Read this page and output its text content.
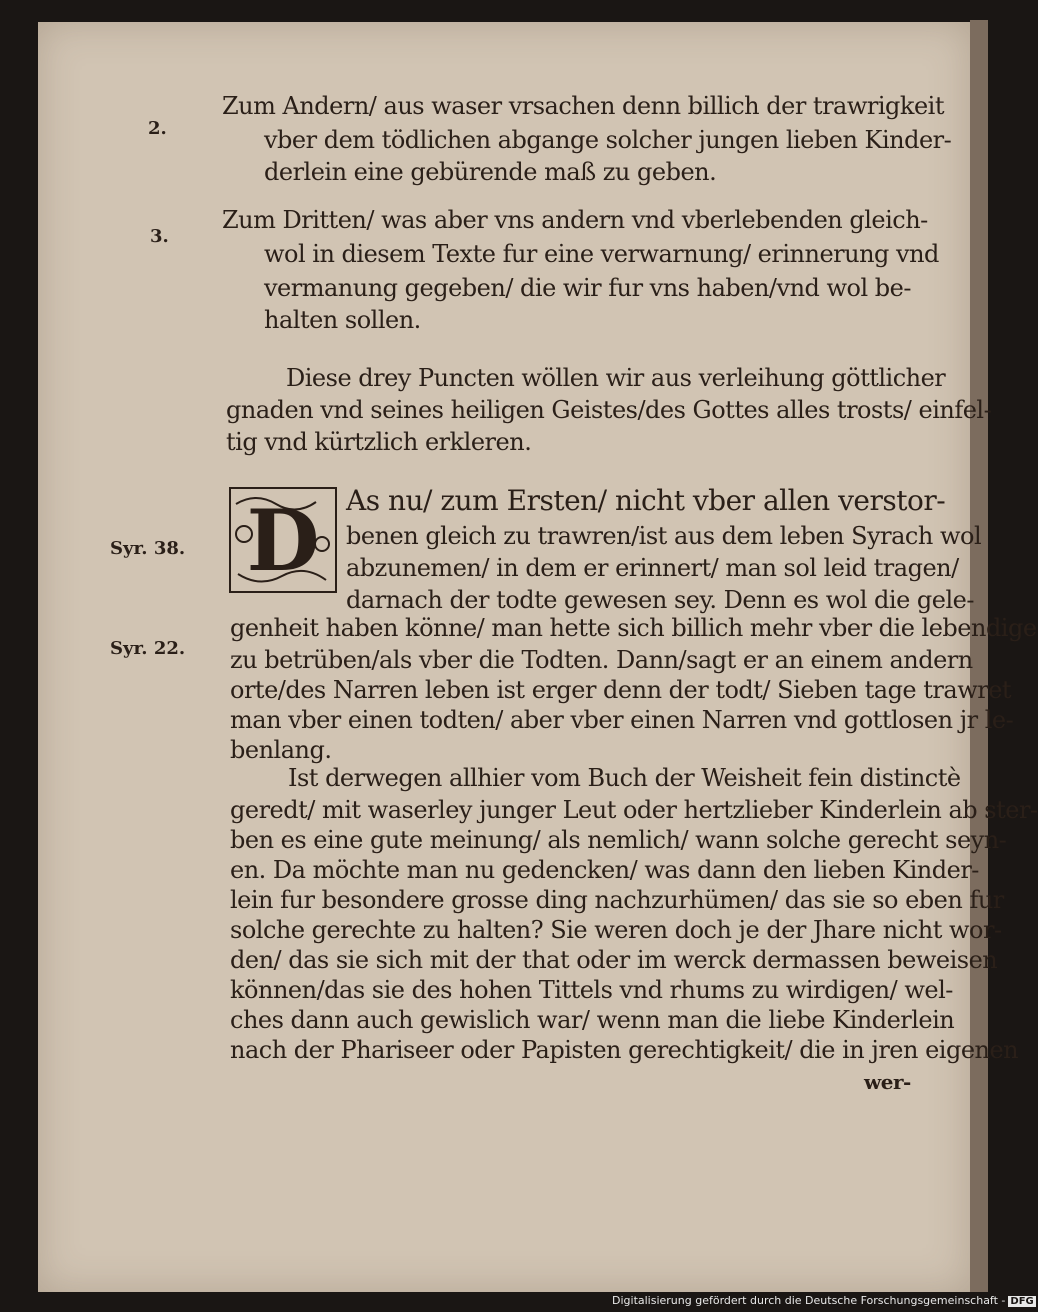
2.
Zum Andern/ aus waser vrsachen denn billich der trawrigkeit
vber dem tödlichen abgange solcher jungen lieben Kinder-
derlein eine gebürende maß zu geben.
3.
Zum Dritten/ was aber vns andern vnd vberlebenden gleich-
wol in diesem Texte fur eine verwarnung/ erinnerung vnd
vermanung gegeben/ die wir fur vns haben/vnd wol be-
halten sollen.
Diese drey Puncten wöllen wir aus verleihung göttlicher
gnaden vnd seines heiligen Geistes/des Gottes alles trosts/ einfel-
tig vnd kürtzlich erkleren.
D As nu/ zum Ersten/ nicht vber allen verstor-
benen gleich zu trawren/ist aus dem leben Syrach wol
abzunemen/ in dem er erinnert/ man sol leid tragen/
darnach der todte gewesen sey. Denn es wol die gele-
genheit haben könne/ man hette sich billich mehr vber die lebendige
zu betrüben/als vber die Todten. Dann/sagt er an einem andern
orte/des Narren leben ist erger denn der todt/ Sieben tage trawret
man vber einen todten/ aber vber einen Narren vnd gottlosen jr le-
benlang.
Ist derwegen allhier vom Buch der Weisheit fein distinctè
geredt/ mit waserley junger Leut oder hertzlieber Kinderlein ab ster-
ben es eine gute meinung/ als nemlich/ wann solche gerecht seyn-
en. Da möchte man nu gedencken/ was dann den lieben Kinder-
lein fur besondere grosse ding nachzurhümen/ das sie so eben fur
solche gerechte zu halten? Sie weren doch je der Jhare nicht wor-
den/ das sie sich mit der that oder im werck dermassen beweisen
können/das sie des hohen Tittels vnd rhums zu wirdigen/ wel-
ches dann auch gewislich war/ wenn man die liebe Kinderlein
nach der Phariseer oder Papisten gerechtigkeit/ die in jren eigenen
wer-
Syr. 38.
Syr. 22.
Digitalisierung gefördert durch die Deutsche Forschungsgemeinschaft - DFG
